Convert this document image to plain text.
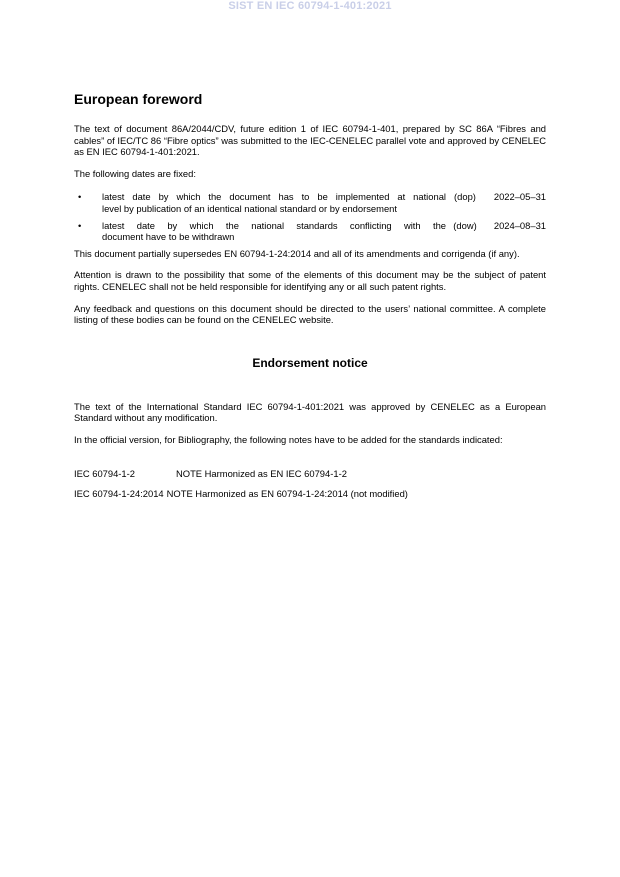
SIST EN IEC 60794-1-401:2021
European foreword

The text of document 86A/2044/CDV, future edition 1 of IEC 60794-1-401, prepared by SC 86A “Fibres and cables” of IEC/TC 86 “Fibre optics” was submitted to the IEC-CENELEC parallel vote and approved by CENELEC as EN IEC 60794-1-401:2021.

The following dates are fixed:

•	latest date by which the document has to be implemented at national (dop)	2022–05–31
level by publication of an identical national standard or by endorsement
•	latest date by which the national standards conflicting with the (dow)	2024–08–31
document have to be withdrawn

This document partially supersedes EN 60794-1-24:2014 and all of its amendments and corrigenda (if any).

Attention is drawn to the possibility that some of the elements of this document may be the subject of patent rights. CENELEC shall not be held responsible for identifying any or all such patent rights.

Any feedback and questions on this document should be directed to the users’ national committee. A complete listing of these bodies can be found on the CENELEC website.

Endorsement notice

The text of the International Standard IEC 60794-1-401:2021 was approved by CENELEC as a European Standard without any modification.

In the official version, for Bibliography, the following notes have to be added for the standards indicated:

IEC 60794-1-2	NOTE Harmonized as EN IEC 60794-1-2
IEC 60794-1-24:2014 NOTE Harmonized as EN 60794-1-24:2014 (not modified)
